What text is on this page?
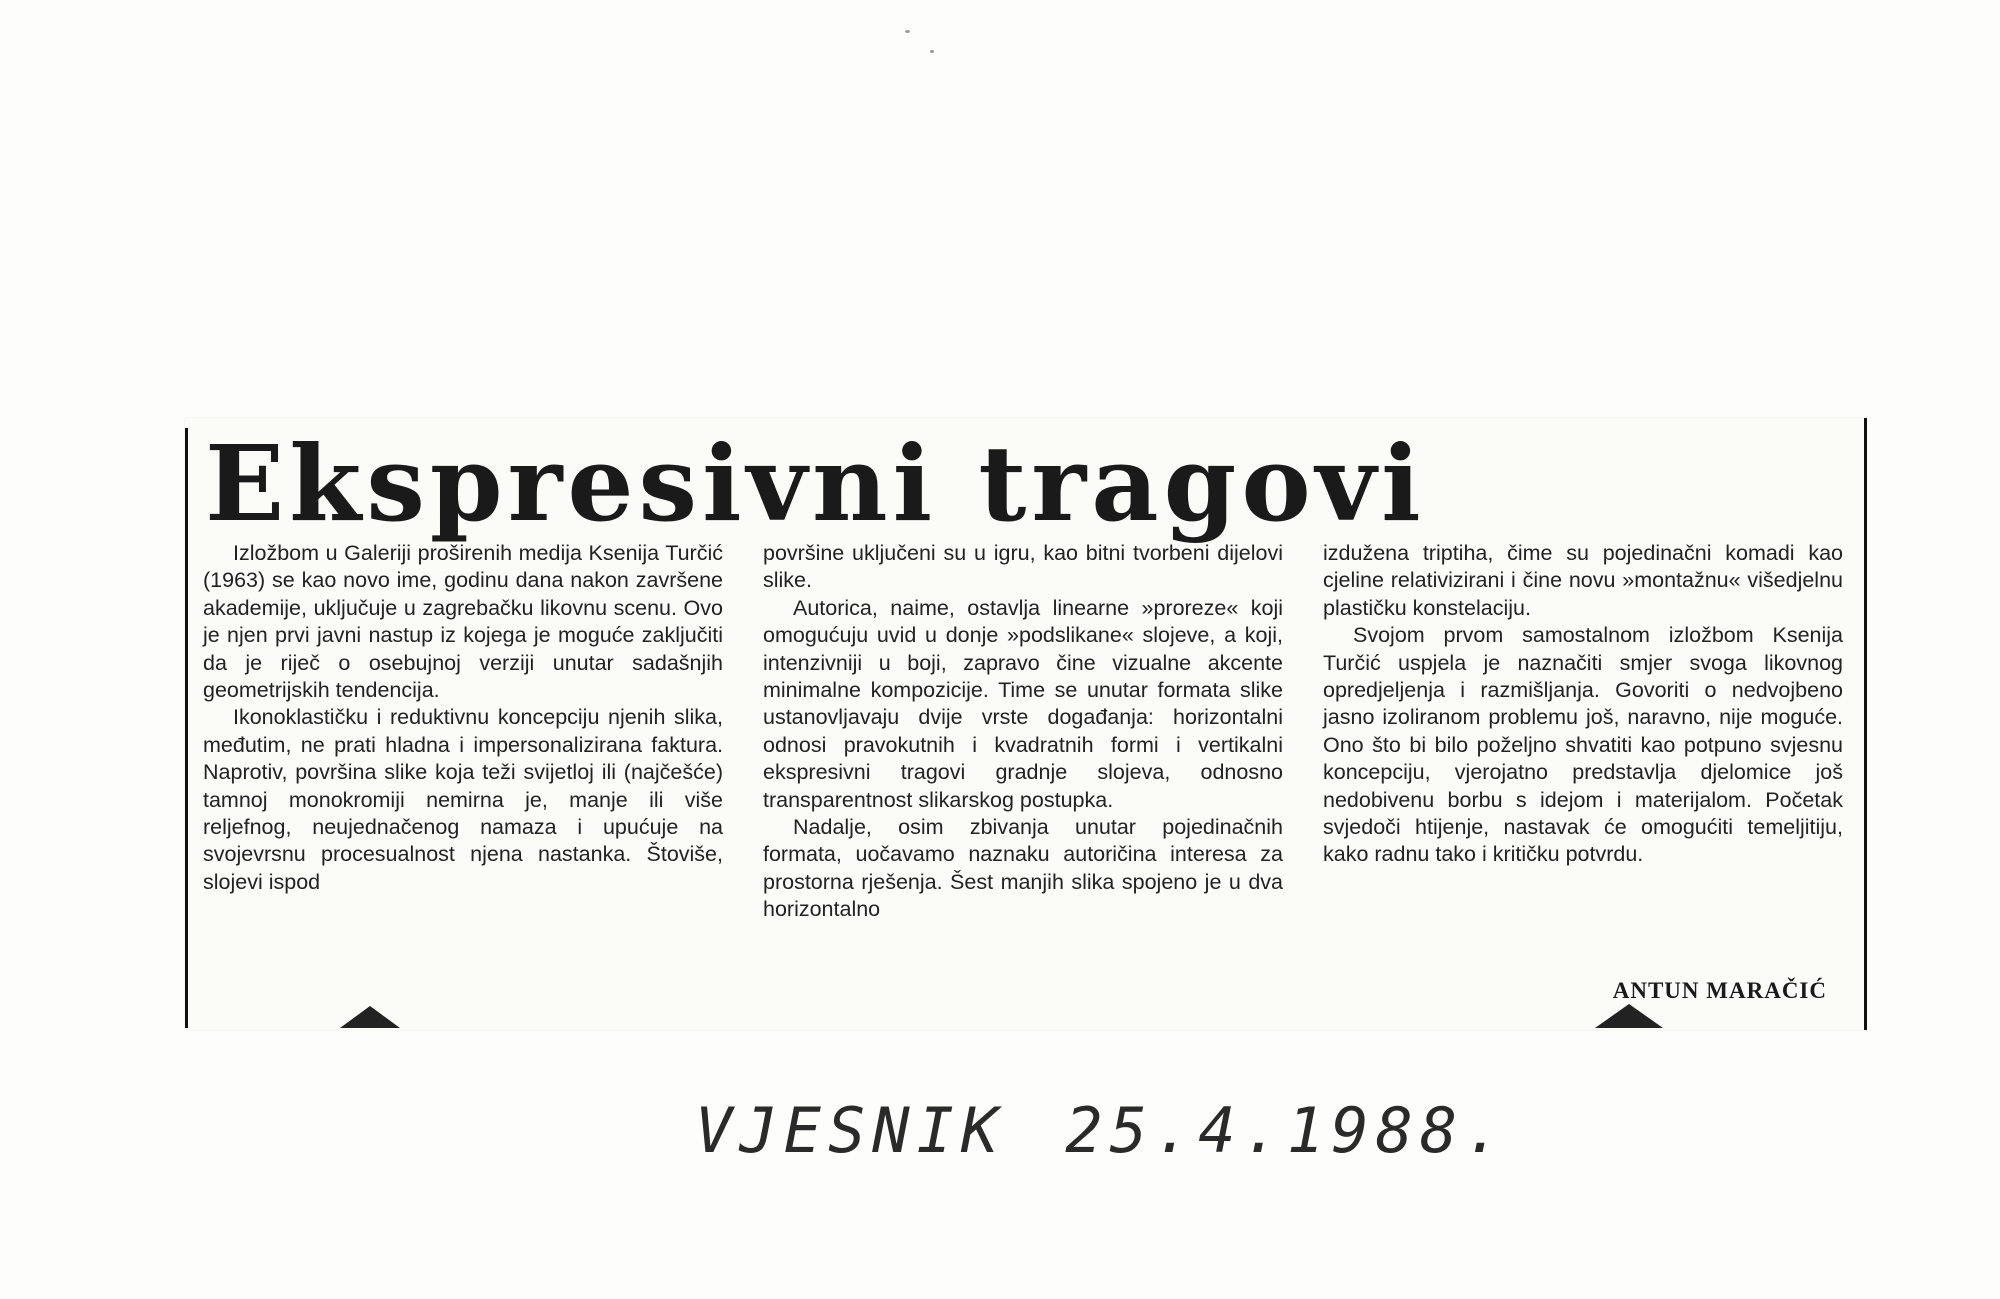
Ekspresivni tragovi

Izložbom u Galeriji proširenih medija Ksenija Turčić (1963) se kao novo ime, godinu dana nakon završene akademije, uključuje u zagrebačku likovnu scenu. Ovo je njen prvi javni nastup iz kojega je moguće zaključiti da je riječ o osebujnoj verziji unutar sadašnjih geometrijskih tendencija.

Ikonoklastičku i reduktivnu koncepciju njenih slika, međutim, ne prati hladna i impersonalizirana faktura. Naprotiv, površina slike koja teži svijetloj ili (najčešće) tamnoj monokromiji nemirna je, manje ili više reljefnog, neujednačenog namaza i upućuje na svojevrsnu procesualnost njena nastanka. Štoviše, slojevi ispod

površine uključeni su u igru, kao bitni tvorbeni dijelovi slike.

Autorica, naime, ostavlja linearne »proreze« koji omogućuju uvid u donje »podslikane« slojeve, a koji, intenzivniji u boji, zapravo čine vizualne akcente minimalne kompozicije. Time se unutar formata slike ustanovljavaju dvije vrste događanja: horizontalni odnosi pravokutnih i kvadratnih formi i vertikalni ekspresivni tragovi gradnje slojeva, odnosno transparentnost slikarskog postupka.

Nadalje, osim zbivanja unutar pojedinačnih formata, uočavamo naznaku autoričina interesa za prostorna rješenja. Šest manjih slika spojeno je u dva horizontalno

izdužena triptiha, čime su pojedinačni komadi kao cjeline relativizirani i čine novu »montažnu« višedjelnu plastičku konstelaciju.

Svojom prvom samostalnom izložbom Ksenija Turčić uspjela je naznačiti smjer svoga likovnog opredjeljenja i razmišljanja. Govoriti o nedvojbeno jasno izoliranom problemu još, naravno, nije moguće. Ono što bi bilo poželjno shvatiti kao potpuno svjesnu koncepciju, vjerojatno predstavlja djelomice još nedobivenu borbu s idejom i materijalom. Početak svjedoči htijenje, nastavak će omogućiti temeljitiju, kako radnu tako i kritičku potvrdu.

ANTUN MARAČIĆ
VJESNIK 25.4.1988.
